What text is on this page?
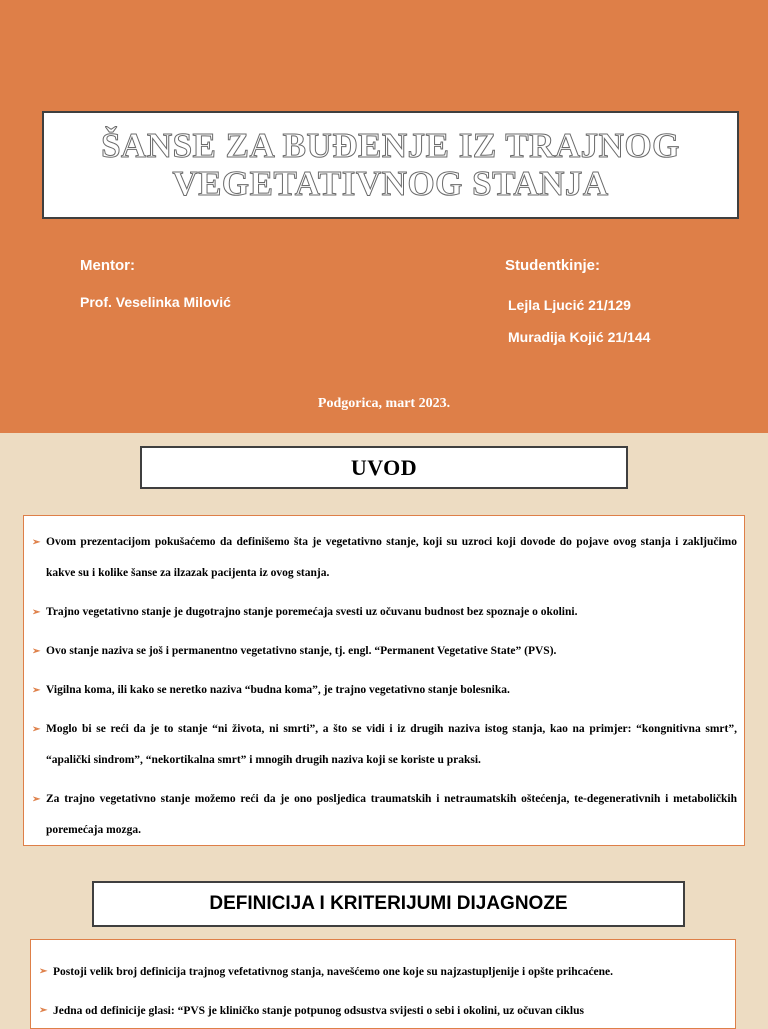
ŠANSE ZA BUĐENJE IZ TRAJNOG
VEGETATIVNOG STANJA
Mentor:
Prof. Veselinka Milović
Studentkinje:
Lejla Ljucić 21/129
Muradija Kojić 21/144
Podgorica, mart 2023.
UVOD
➢ Ovom prezentacijom pokušaćemo da definišemo šta je vegetativno stanje, koji su uzroci koji dovode do pojave ovog stanja i zaključimo kakve su i kolike šanse za ilzazak pacijenta iz ovog stanja.
➢ Trajno vegetativno stanje je dugotrajno stanje poremećaja svesti uz očuvanu budnost bez spoznaje o okolini.
➢ Ovo stanje naziva se još i permanentno vegetativno stanje, tj. engl. “Permanent Vegetative State” (PVS).
➢ Vigilna koma, ili kako se neretko naziva “budna koma”, je trajno vegetativno stanje bolesnika.
➢ Moglo bi se reći da je to stanje “ni života, ni smrti”, a što se vidi i iz drugih naziva istog stanja, kao na primjer: “kongnitivna smrt”, “apalički sindrom”, “nekortikalna smrt” i mnogih drugih naziva koji se koriste u praksi.
➢ Za trajno vegetativno stanje možemo reći da je ono posljedica traumatskih i netraumatskih oštećenja, te-degenerativnih i metaboličkih poremećaja mozga.
DEFINICIJA I KRITERIJUMI DIJAGNOZE
➢ Postoji velik broj definicija trajnog vefetativnog stanja, navešćemo one koje su najzastupljenije i opšte prihcaćene.
➢ Jedna od definicije glasi: “PVS je kliničko stanje potpunog odsustva svijesti o sebi i okolini, uz očuvan ciklus
